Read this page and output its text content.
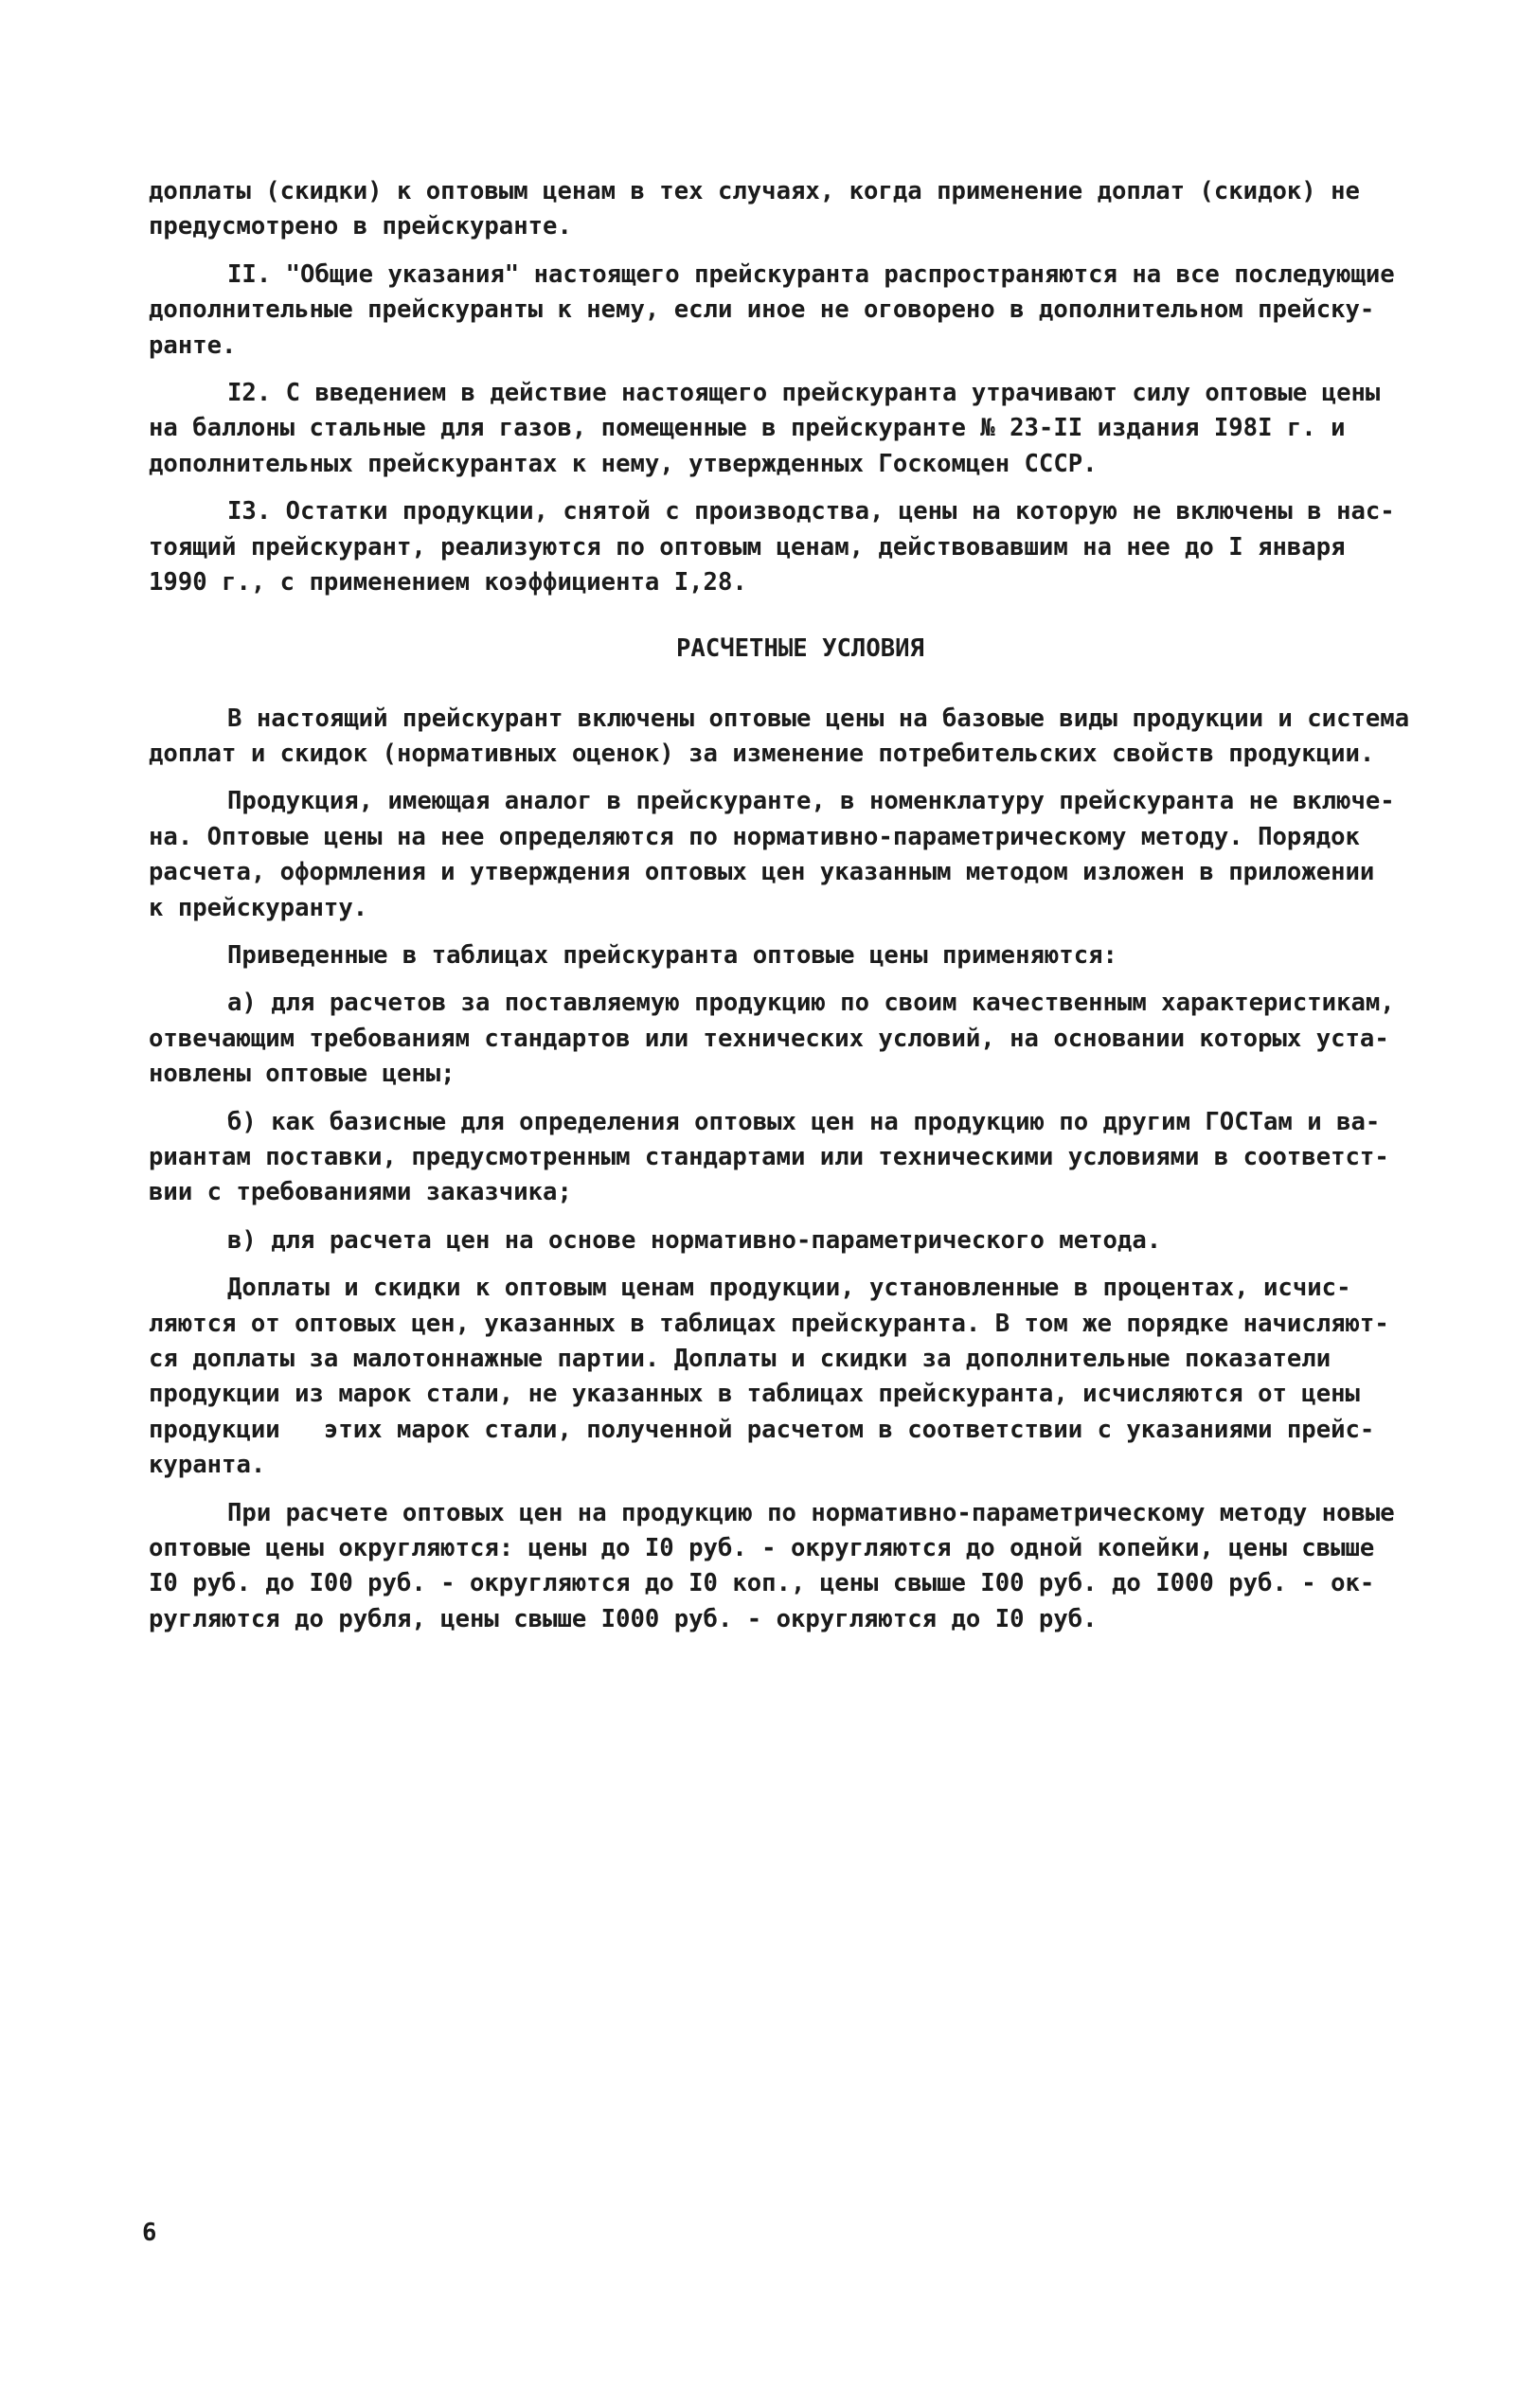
доплаты (скидки) к оптовым ценам в тех случаях, когда применение доплат (скидок) не
предусмотрено в прейскуранте.
II. "Общие указания" настоящего прейскуранта распространяются на все последующие
дополнительные прейскуранты к нему, если иное не оговорено в дополнительном прейску-
ранте.
I2. С введением в действие настоящего прейскуранта утрачивают силу оптовые цены
на баллоны стальные для газов, помещенные в прейскуранте № 23-II издания I98I г. и
дополнительных прейскурантах к нему, утвержденных Госкомцен СССР.
I3. Остатки продукции, снятой с производства, цены на которую не включены в нас-
тоящий прейскурант, реализуются по оптовым ценам, действовавшим на нее до I января
1990 г., с применением коэффициента I,28.
РАСЧЕТНЫЕ УСЛОВИЯ
В настоящий прейскурант включены оптовые цены на базовые виды продукции и система
доплат и скидок (нормативных оценок) за изменение потребительских свойств продукции.
Продукция, имеющая аналог в прейскуранте, в номенклатуру прейскуранта не включе-
на. Оптовые цены на нее определяются по нормативно-параметрическому методу. Порядок
расчета, оформления и утверждения оптовых цен указанным методом изложен в приложении
к прейскуранту.
Приведенные в таблицах прейскуранта оптовые цены применяются:
а) для расчетов за поставляемую продукцию по своим качественным характеристикам,
отвечающим требованиям стандартов или технических условий, на основании которых уста-
новлены оптовые цены;
б) как базисные для определения оптовых цен на продукцию по другим ГОСТам и ва-
риантам поставки, предусмотренным стандартами или техническими условиями в соответст-
вии с требованиями заказчика;
в) для расчета цен на основе нормативно-параметрического метода.
Доплаты и скидки к оптовым ценам продукции, установленные в процентах, исчис-
ляются от оптовых цен, указанных в таблицах прейскуранта. В том же порядке начисляют-
ся доплаты за малотоннажные партии. Доплаты и скидки за дополнительные показатели
продукции из марок стали, не указанных в таблицах прейскуранта, исчисляются от цены
продукции   этих марок стали, полученной расчетом в соответствии с указаниями прейс-
куранта.
При расчете оптовых цен на продукцию по нормативно-параметрическому методу новые
оптовые цены округляются: цены до I0 руб. - округляются до одной копейки, цены свыше
I0 руб. до I00 руб. - округляются до I0 коп., цены свыше I00 руб. до I000 руб. - ок-
ругляются до рубля, цены свыше I000 руб. - округляются до I0 руб.
6
